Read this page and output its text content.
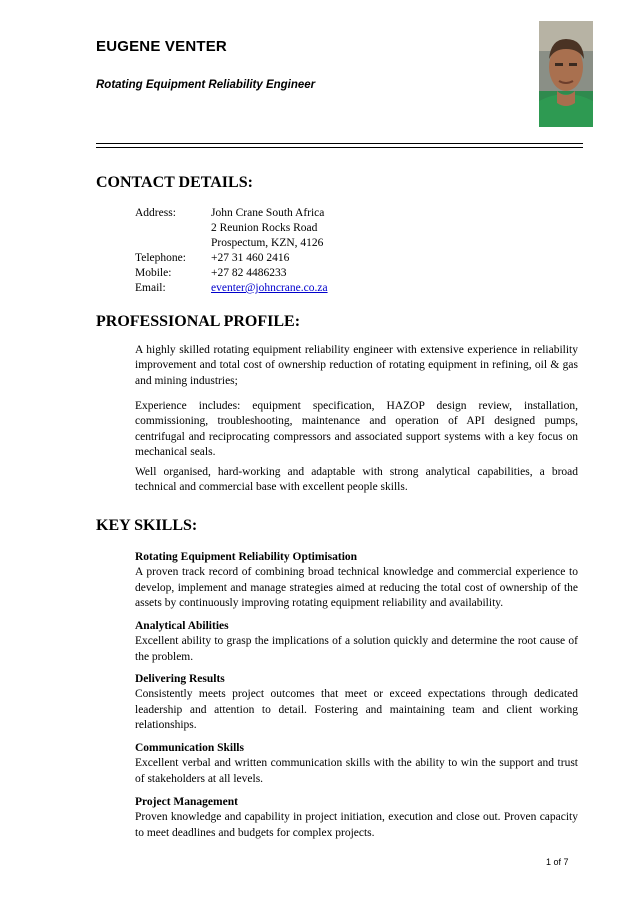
EUGENE VENTER
Rotating Equipment Reliability Engineer
CONTACT DETAILS:
Address:	John Crane South Africa
2 Reunion Rocks Road
Prospectum, KZN, 4126
Telephone:	+27 31 460 2416
Mobile:	+27 82 4486233
Email:	eventer@johncrane.co.za
PROFESSIONAL PROFILE:
A highly skilled rotating equipment reliability engineer with extensive experience in reliability improvement and total cost of ownership reduction of rotating equipment in refining, oil & gas and mining industries;
Experience includes: equipment specification, HAZOP design review, installation, commissioning, troubleshooting, maintenance and operation of API designed pumps, centrifugal and reciprocating compressors and associated support systems with a key focus on mechanical seals.
Well organised, hard-working and adaptable with strong analytical capabilities, a broad technical and commercial base with excellent people skills.
KEY SKILLS:
Rotating Equipment Reliability Optimisation
A proven track record of combining broad technical knowledge and commercial experience to develop, implement and manage strategies aimed at reducing the total cost of ownership of the assets by continuously improving rotating equipment reliability and availability.
Analytical Abilities
Excellent ability to grasp the implications of a solution quickly and determine the root cause of the problem.
Delivering Results
Consistently meets project outcomes that meet or exceed expectations through dedicated leadership and attention to detail. Fostering and maintaining team and client working relationships.
Communication Skills
Excellent verbal and written communication skills with the ability to win the support and trust of stakeholders at all levels.
Project Management
Proven knowledge and capability in project initiation, execution and close out. Proven capacity to meet deadlines and budgets for complex projects.
1 of 7
